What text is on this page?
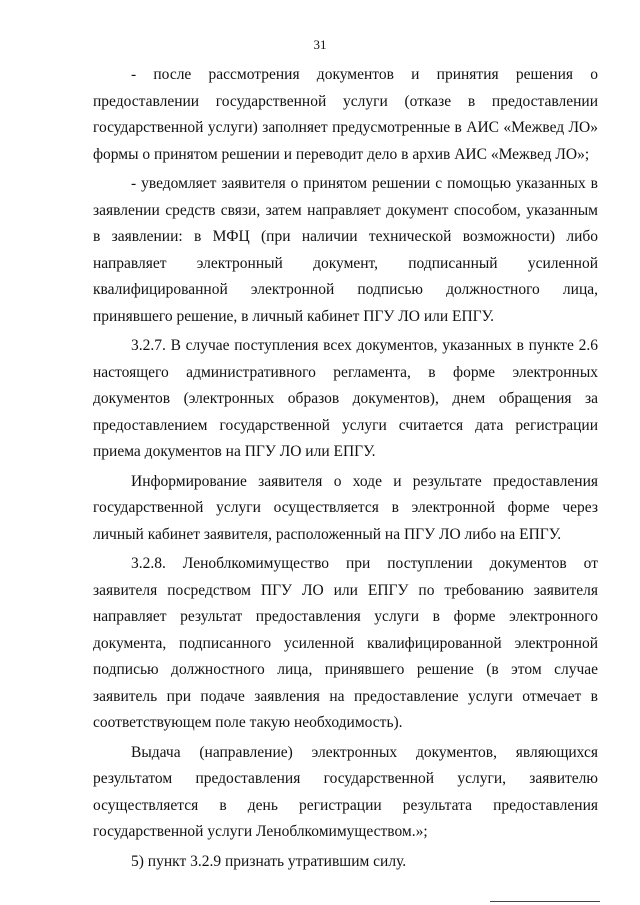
31

- после рассмотрения документов и принятия решения о предоставлении государственной услуги (отказе в предоставлении государственной услуги) заполняет предусмотренные в АИС «Межвед ЛО» формы о принятом решении и переводит дело в архив АИС «Межвед ЛО»;

- уведомляет заявителя о принятом решении с помощью указанных в заявлении средств связи, затем направляет документ способом, указанным в заявлении: в МФЦ (при наличии технической возможности) либо направляет электронный документ, подписанный усиленной квалифицированной электронной подписью должностного лица, принявшего решение, в личный кабинет ПГУ ЛО или ЕПГУ.

3.2.7. В случае поступления всех документов, указанных в пункте 2.6 настоящего административного регламента, в форме электронных документов (электронных образов документов), днем обращения за предоставлением государственной услуги считается дата регистрации приема документов на ПГУ ЛО или ЕПГУ.

Информирование заявителя о ходе и результате предоставления государственной услуги осуществляется в электронной форме через личный кабинет заявителя, расположенный на ПГУ ЛО либо на ЕПГУ.

3.2.8. Леноблкомимущество при поступлении документов от заявителя посредством ПГУ ЛО или ЕПГУ по требованию заявителя направляет результат предоставления услуги в форме электронного документа, подписанного усиленной квалифицированной электронной подписью должностного лица, принявшего решение (в этом случае заявитель при подаче заявления на предоставление услуги отмечает в соответствующем поле такую необходимость).

Выдача (направление) электронных документов, являющихся результатом предоставления государственной услуги, заявителю осуществляется в день регистрации результата предоставления государственной услуги Леноблкомимуществом.»;

5) пункт 3.2.9 признать утратившим силу.
